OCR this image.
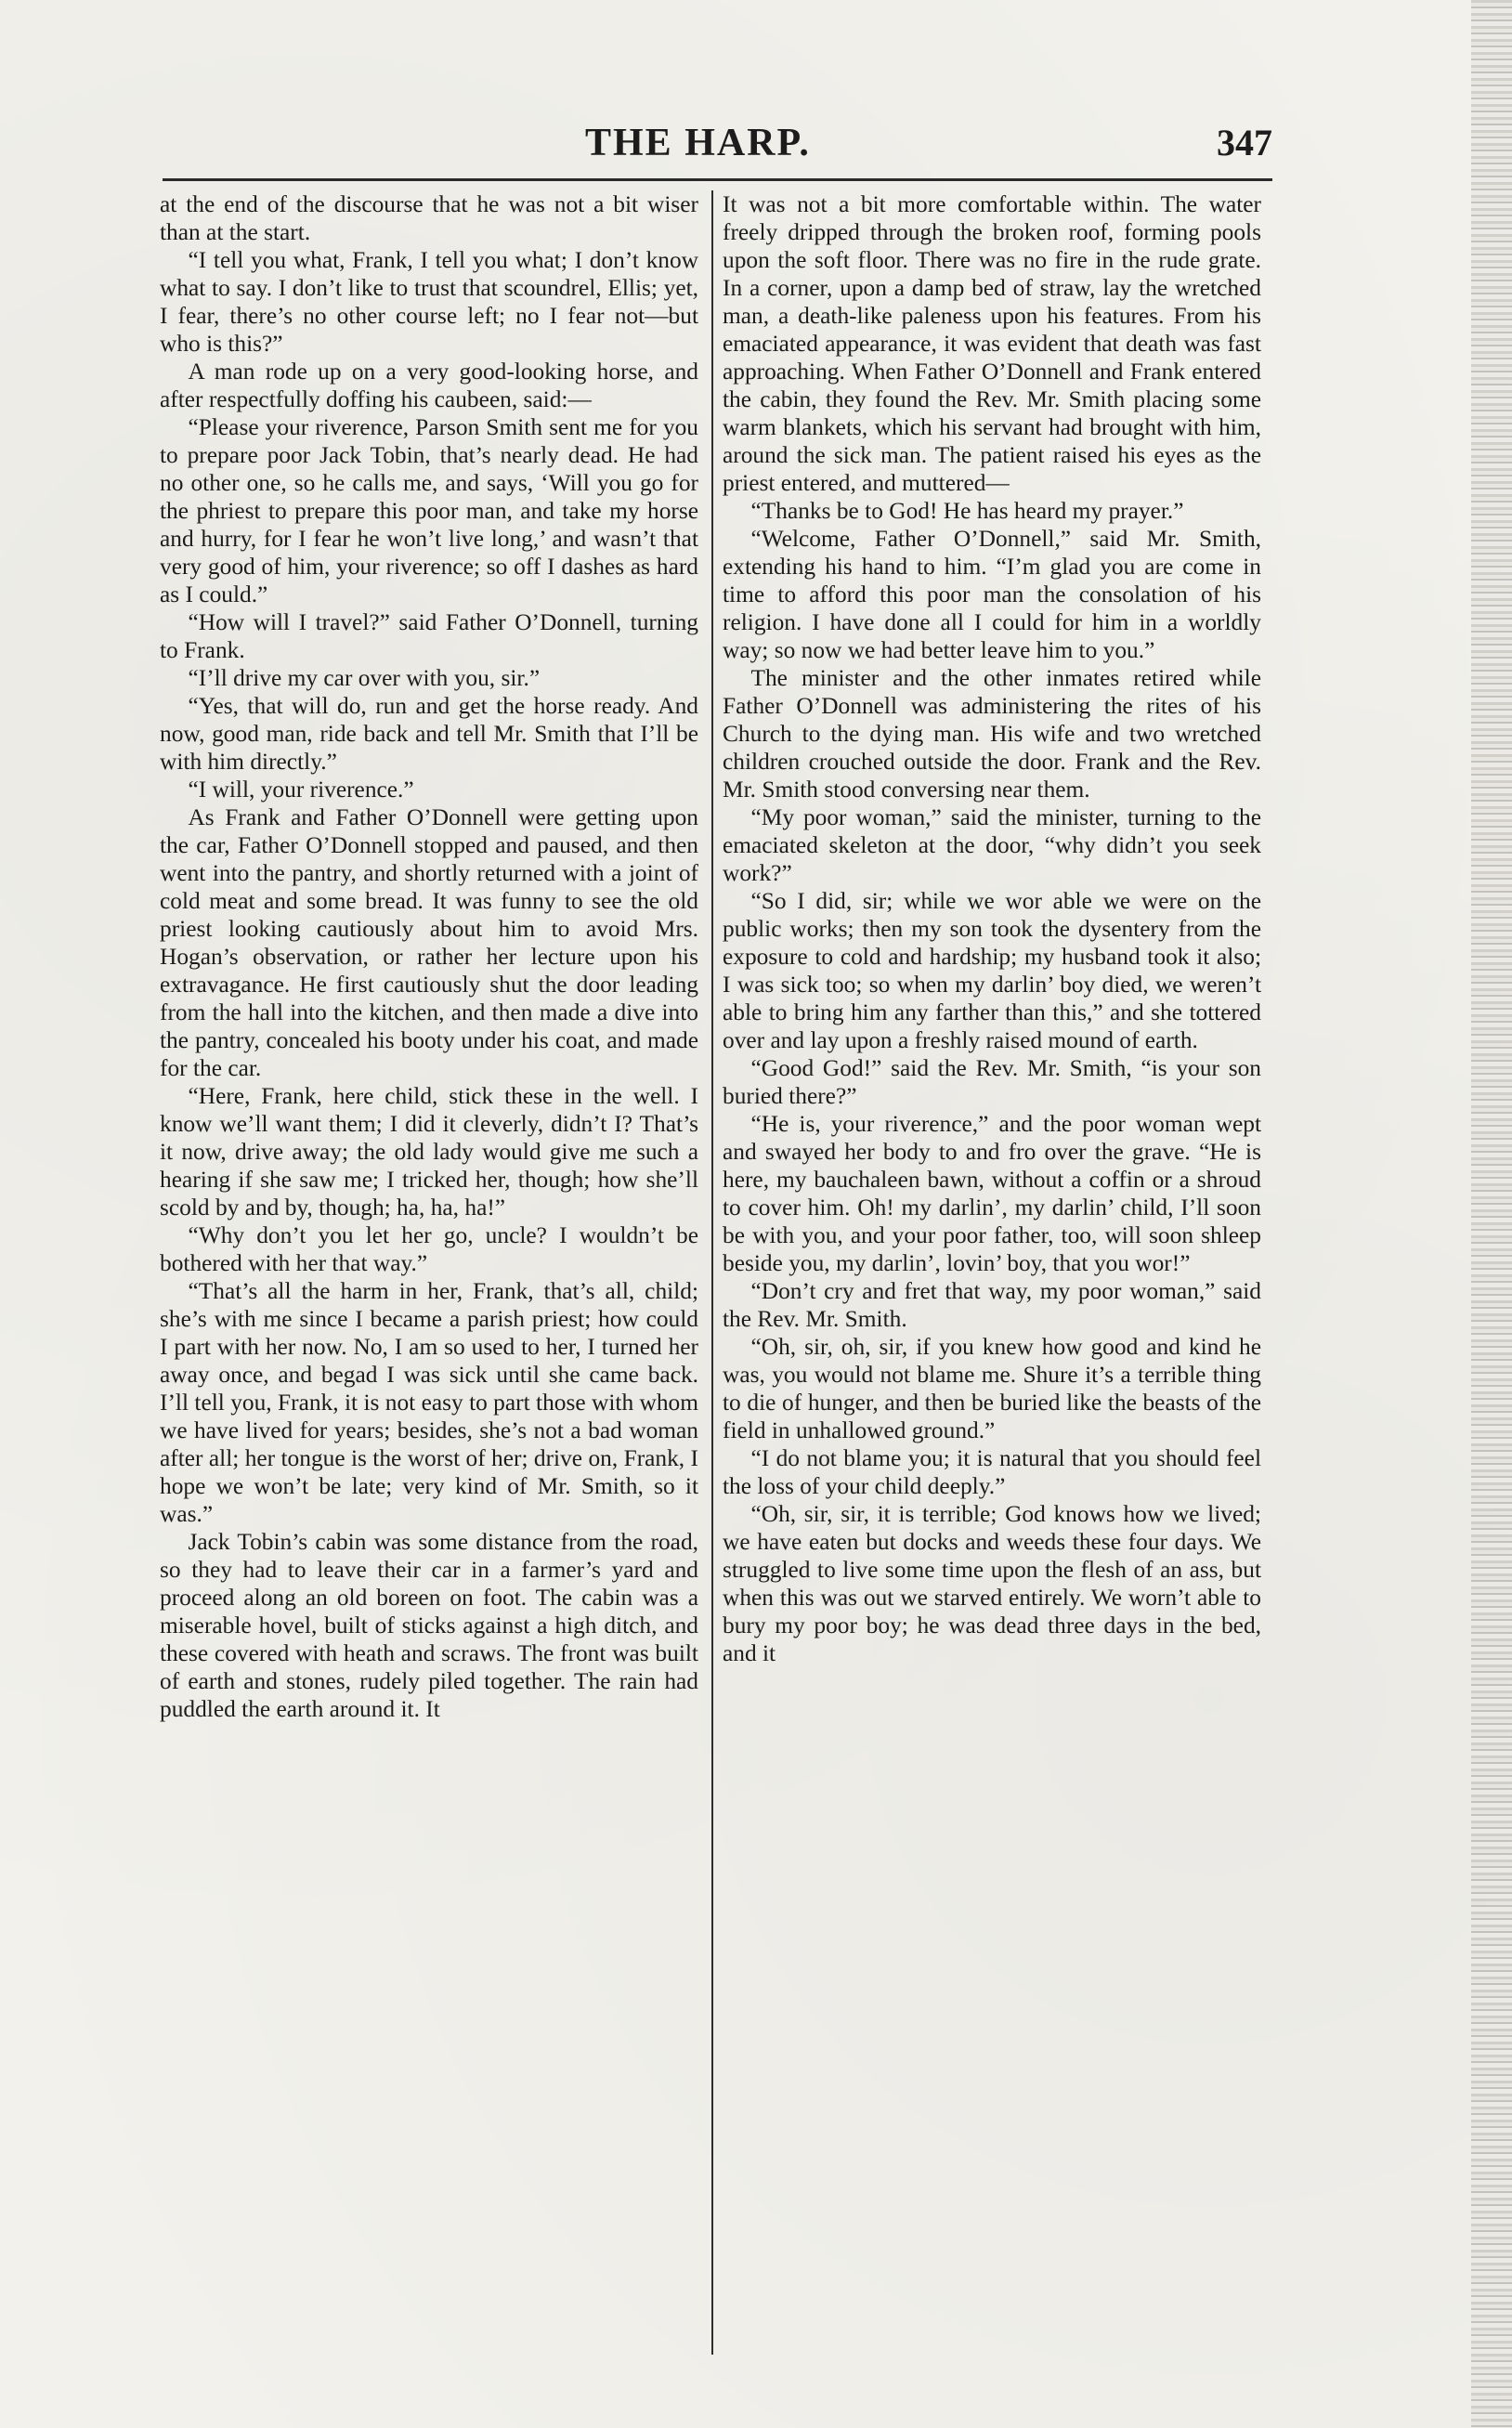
THE HARP.	347

at the end of the discourse that he was not a bit wiser than at the start.

“I tell you what, Frank, I tell you what; I don’t know what to say. I don’t like to trust that scoundrel, Ellis; yet, I fear, there’s no other course left; no I fear not—but who is this?”

A man rode up on a very good-looking horse, and after respectfully doffing his caubeen, said:—

“Please your riverence, Parson Smith sent me for you to prepare poor Jack Tobin, that’s nearly dead. He had no other one, so he calls me, and says, ‘Will you go for the phriest to prepare this poor man, and take my horse and hurry, for I fear he won’t live long,’ and wasn’t that very good of him, your riverence; so off I dashes as hard as I could.”

“How will I travel?” said Father O’Donnell, turning to Frank.

“I’ll drive my car over with you, sir.”

“Yes, that will do, run and get the horse ready. And now, good man, ride back and tell Mr. Smith that I’ll be with him directly.”

“I will, your riverence.”

As Frank and Father O’Donnell were getting upon the car, Father O’Donnell stopped and paused, and then went into the pantry, and shortly returned with a joint of cold meat and some bread. It was funny to see the old priest looking cautiously about him to avoid Mrs. Hogan’s observation, or rather her lecture upon his extravagance. He first cautiously shut the door leading from the hall into the kitchen, and then made a dive into the pantry, concealed his booty under his coat, and made for the car.

“Here, Frank, here child, stick these in the well. I know we’ll want them; I did it cleverly, didn’t I? That’s it now, drive away; the old lady would give me such a hearing if she saw me; I tricked her, though; how she’ll scold by and by, though; ha, ha, ha!”

“Why don’t you let her go, uncle? I wouldn’t be bothered with her that way.”

“That’s all the harm in her, Frank, that’s all, child; she’s with me since I became a parish priest; how could I part with her now. No, I am so used to her, I turned her away once, and begad I was sick until she came back. I’ll tell you, Frank, it is not easy to part those with whom we have lived for years; besides, she’s not a bad woman after all; her tongue is the worst of her; drive on, Frank, I hope we won’t be late; very kind of Mr. Smith, so it was.”

Jack Tobin’s cabin was some distance from the road, so they had to leave their car in a farmer’s yard and proceed along an old boreen on foot. The cabin was a miserable hovel, built of sticks against a high ditch, and these covered with heath and scraws. The front was built of earth and stones, rudely piled together. The rain had puddled the earth around it. It

It was not a bit more comfortable within. The water freely dripped through the broken roof, forming pools upon the soft floor. There was no fire in the rude grate. In a corner, upon a damp bed of straw, lay the wretched man, a death-like paleness upon his features. From his emaciated appearance, it was evident that death was fast approaching. When Father O’Donnell and Frank entered the cabin, they found the Rev. Mr. Smith placing some warm blankets, which his servant had brought with him, around the sick man. The patient raised his eyes as the priest entered, and muttered—

“Thanks be to God! He has heard my prayer.”

“Welcome, Father O’Donnell,” said Mr. Smith, extending his hand to him. “I’m glad you are come in time to afford this poor man the consolation of his religion. I have done all I could for him in a worldly way; so now we had better leave him to you.”

The minister and the other inmates retired while Father O’Donnell was administering the rites of his Church to the dying man. His wife and two wretched children crouched outside the door. Frank and the Rev. Mr. Smith stood conversing near them.

“My poor woman,” said the minister, turning to the emaciated skeleton at the door, “why didn’t you seek work?”

“So I did, sir; while we wor able we were on the public works; then my son took the dysentery from the exposure to cold and hardship; my husband took it also; I was sick too; so when my darlin’ boy died, we weren’t able to bring him any farther than this,” and she tottered over and lay upon a freshly raised mound of earth.

“Good God!” said the Rev. Mr. Smith, “is your son buried there?”

“He is, your riverence,” and the poor woman wept and swayed her body to and fro over the grave. “He is here, my bauchaleen bawn, without a coffin or a shroud to cover him. Oh! my darlin’, my darlin’ child, I’ll soon be with you, and your poor father, too, will soon shleep beside you, my darlin’, lovin’ boy, that you wor!”

“Don’t cry and fret that way, my poor woman,” said the Rev. Mr. Smith.

“Oh, sir, oh, sir, if you knew how good and kind he was, you would not blame me. Shure it’s a terrible thing to die of hunger, and then be buried like the beasts of the field in unhallowed ground.”

“I do not blame you; it is natural that you should feel the loss of your child deeply.”

“Oh, sir, sir, it is terrible; God knows how we lived; we have eaten but docks and weeds these four days. We struggled to live some time upon the flesh of an ass, but when this was out we starved entirely. We worn’t able to bury my poor boy; he was dead three days in the bed, and it
